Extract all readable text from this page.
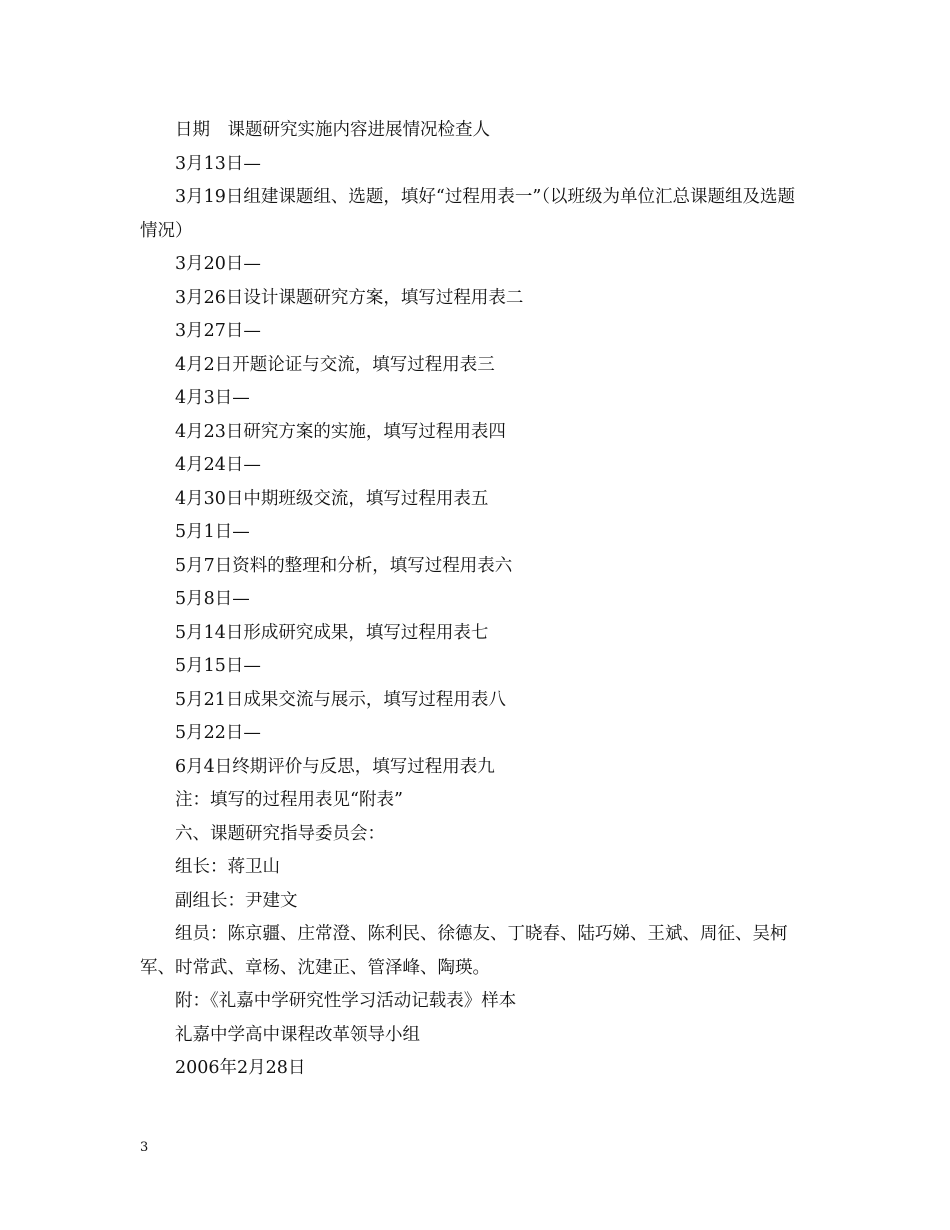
日期　课题研究实施内容进展情况检查人

3月13日—

3月19日组建课题组、选题，填好“过程用表一”（以班级为单位汇总课题组及选题情况）

3月20日—

3月26日设计课题研究方案，填写过程用表二

3月27日—

4月2日开题论证与交流，填写过程用表三

4月3日—

4月23日研究方案的实施，填写过程用表四

4月24日—

4月30日中期班级交流，填写过程用表五

5月1日—

5月7日资料的整理和分析，填写过程用表六

5月8日—

5月14日形成研究成果，填写过程用表七

5月15日—

5月21日成果交流与展示，填写过程用表八

5月22日—

6月4日终期评价与反思，填写过程用表九

注：填写的过程用表见“附表”

六、课题研究指导委员会：

组长：蒋卫山

副组长：尹建文

组员：陈京疆、庄常澄、陈利民、徐德友、丁晓春、陆巧娣、王斌、周征、吴柯军、时常武、章杨、沈建正、管泽峰、陶瑛。

附：《礼嘉中学研究性学习活动记载表》样本

礼嘉中学高中课程改革领导小组

2006年2月28日

3
